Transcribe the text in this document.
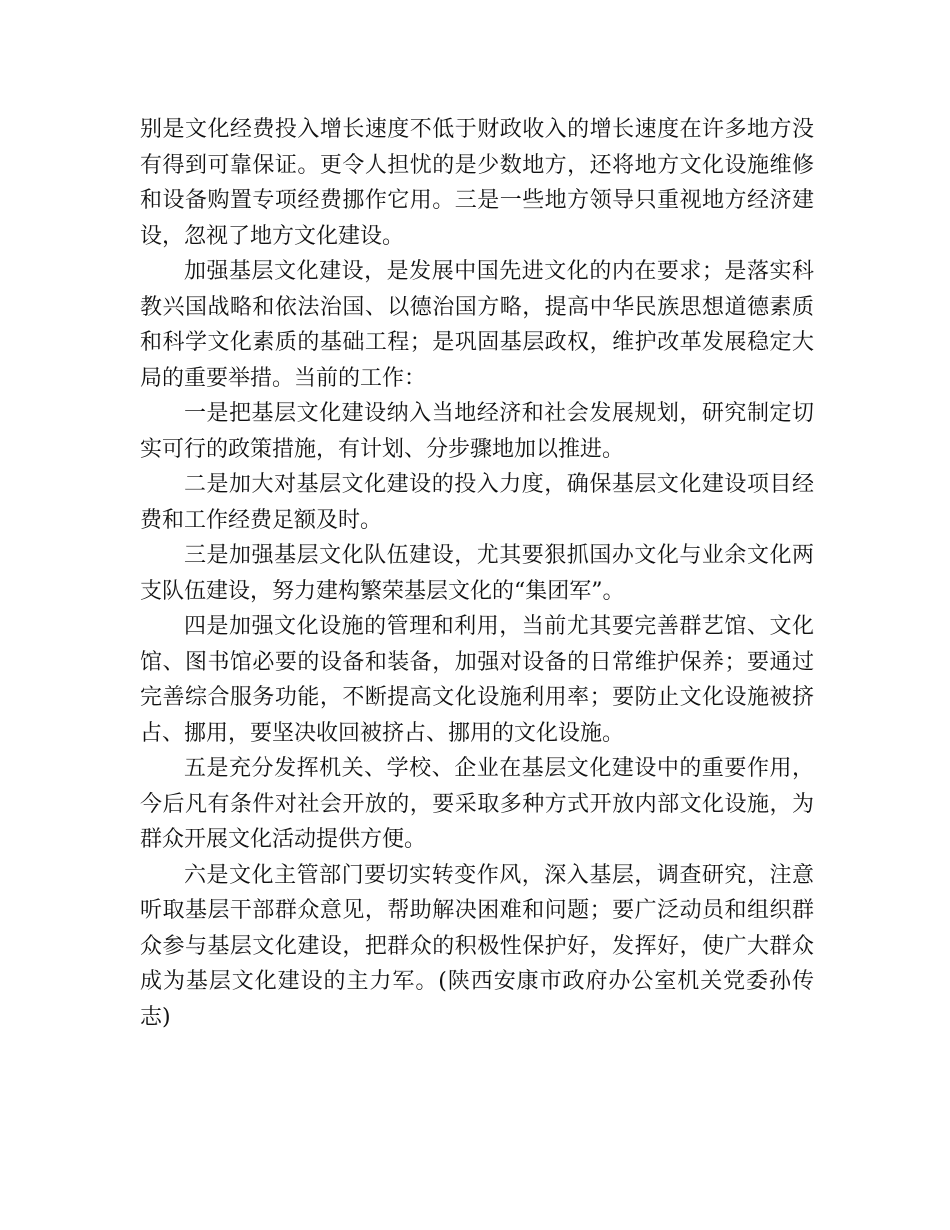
别是文化经费投入增长速度不低于财政收入的增长速度在许多地方没有得到可靠保证。更令人担忧的是少数地方，还将地方文化设施维修和设备购置专项经费挪作它用。三是一些地方领导只重视地方经济建设，忽视了地方文化建设。

加强基层文化建设，是发展中国先进文化的内在要求；是落实科教兴国战略和依法治国、以德治国方略，提高中华民族思想道德素质和科学文化素质的基础工程；是巩固基层政权，维护改革发展稳定大局的重要举措。当前的工作：

一是把基层文化建设纳入当地经济和社会发展规划，研究制定切实可行的政策措施，有计划、分步骤地加以推进。

二是加大对基层文化建设的投入力度，确保基层文化建设项目经费和工作经费足额及时。

三是加强基层文化队伍建设，尤其要狠抓国办文化与业余文化两支队伍建设，努力建构繁荣基层文化的“集团军”。

四是加强文化设施的管理和利用，当前尤其要完善群艺馆、文化馆、图书馆必要的设备和装备，加强对设备的日常维护保养；要通过完善综合服务功能，不断提高文化设施利用率；要防止文化设施被挤占、挪用，要坚决收回被挤占、挪用的文化设施。

五是充分发挥机关、学校、企业在基层文化建设中的重要作用，今后凡有条件对社会开放的，要采取多种方式开放内部文化设施，为群众开展文化活动提供方便。

六是文化主管部门要切实转变作风，深入基层，调查研究，注意听取基层干部群众意见，帮助解决困难和问题；要广泛动员和组织群众参与基层文化建设，把群众的积极性保护好，发挥好，使广大群众成为基层文化建设的主力军。(陕西安康市政府办公室机关党委孙传志)
